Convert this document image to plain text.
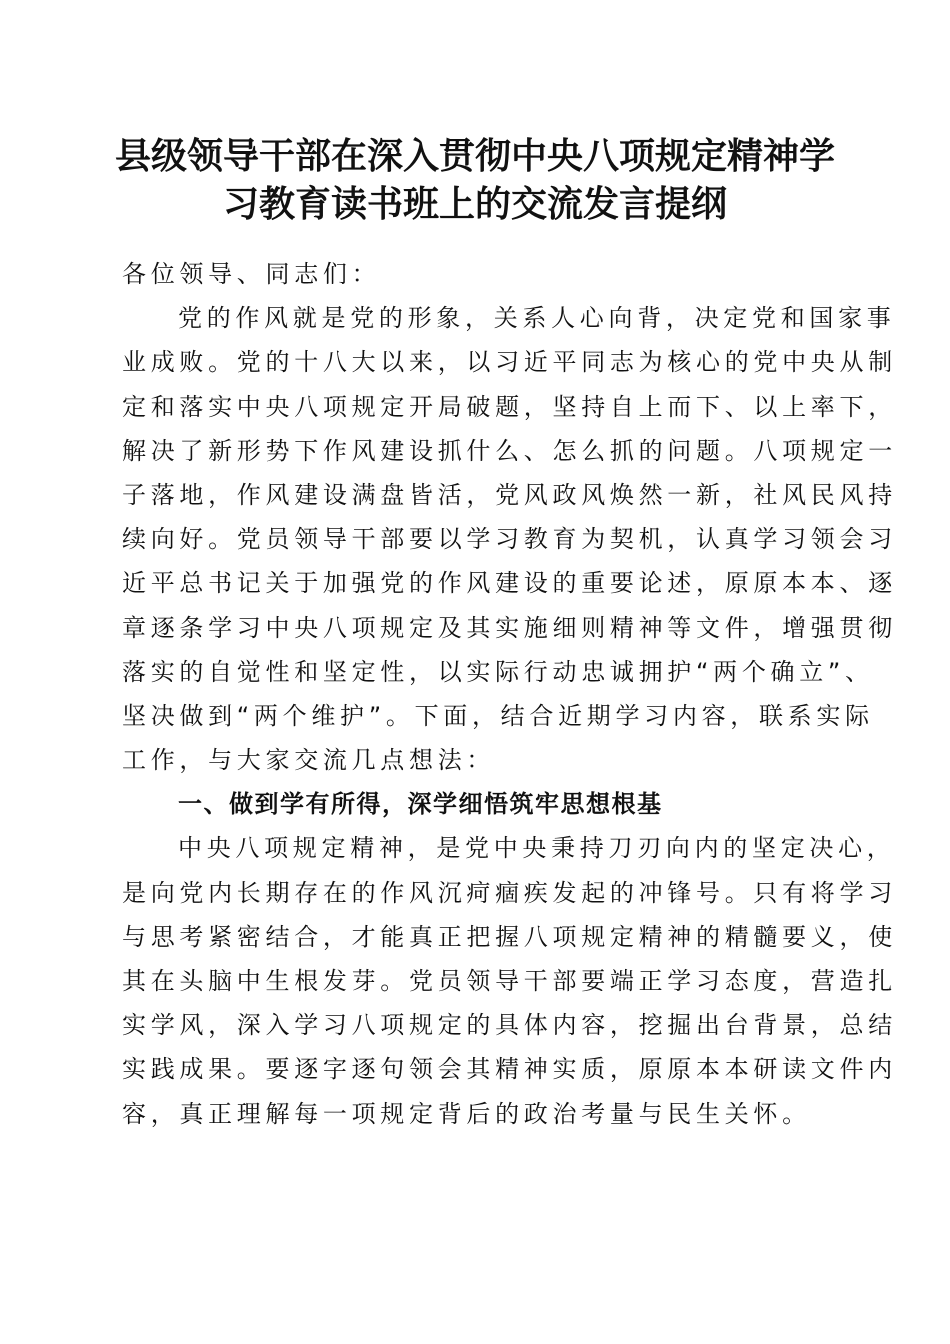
县级领导干部在深入贯彻中央八项规定精神学
习教育读书班上的交流发言提纲
各位领导、同志们：
党的作风就是党的形象，关系人心向背，决定党和国家事
业成败。党的十八大以来，以习近平同志为核心的党中央从制
定和落实中央八项规定开局破题，坚持自上而下、以上率下，
解决了新形势下作风建设抓什么、怎么抓的问题。八项规定一
子落地，作风建设满盘皆活，党风政风焕然一新，社风民风持
续向好。党员领导干部要以学习教育为契机，认真学习领会习
近平总书记关于加强党的作风建设的重要论述，原原本本、逐
章逐条学习中央八项规定及其实施细则精神等文件，增强贯彻
落实的自觉性和坚定性，以实际行动忠诚拥护“两个确立”、
坚决做到“两个维护”。下面，结合近期学习内容，联系实际
工作，与大家交流几点想法：
一、做到学有所得，深学细悟筑牢思想根基
中央八项规定精神，是党中央秉持刀刃向内的坚定决心，
是向党内长期存在的作风沉疴痼疾发起的冲锋号。只有将学习
与思考紧密结合，才能真正把握八项规定精神的精髓要义，使
其在头脑中生根发芽。党员领导干部要端正学习态度，营造扎
实学风，深入学习八项规定的具体内容，挖掘出台背景，总结
实践成果。要逐字逐句领会其精神实质，原原本本研读文件内
容，真正理解每一项规定背后的政治考量与民生关怀。
